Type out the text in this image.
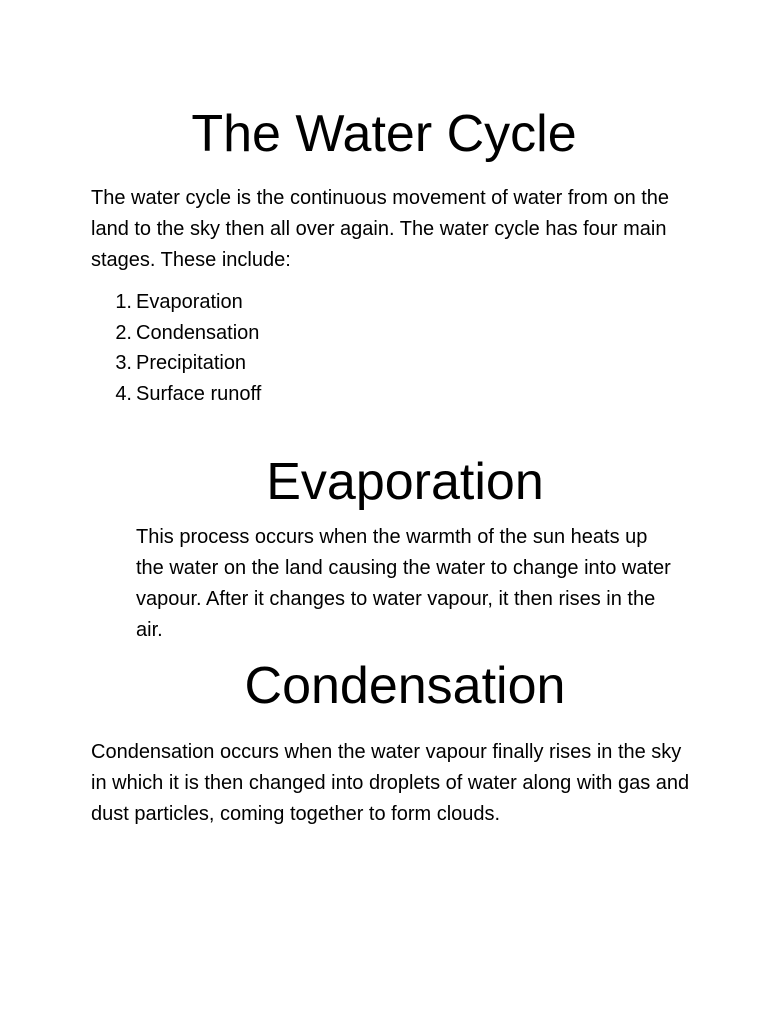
The Water Cycle

The water cycle is the continuous movement of water from on the land to the sky then all over again. The water cycle has four main stages. These include:

1. Evaporation
2. Condensation
3. Precipitation
4. Surface runoff
Evaporation

This process occurs when the warmth of the sun heats up the water on the land causing the water to change into water vapour. After it changes to water vapour, it then rises in the air.

Condensation

Condensation occurs when the water vapour finally rises in the sky in which it is then changed into droplets of water along with gas and dust particles, coming together to form clouds.
